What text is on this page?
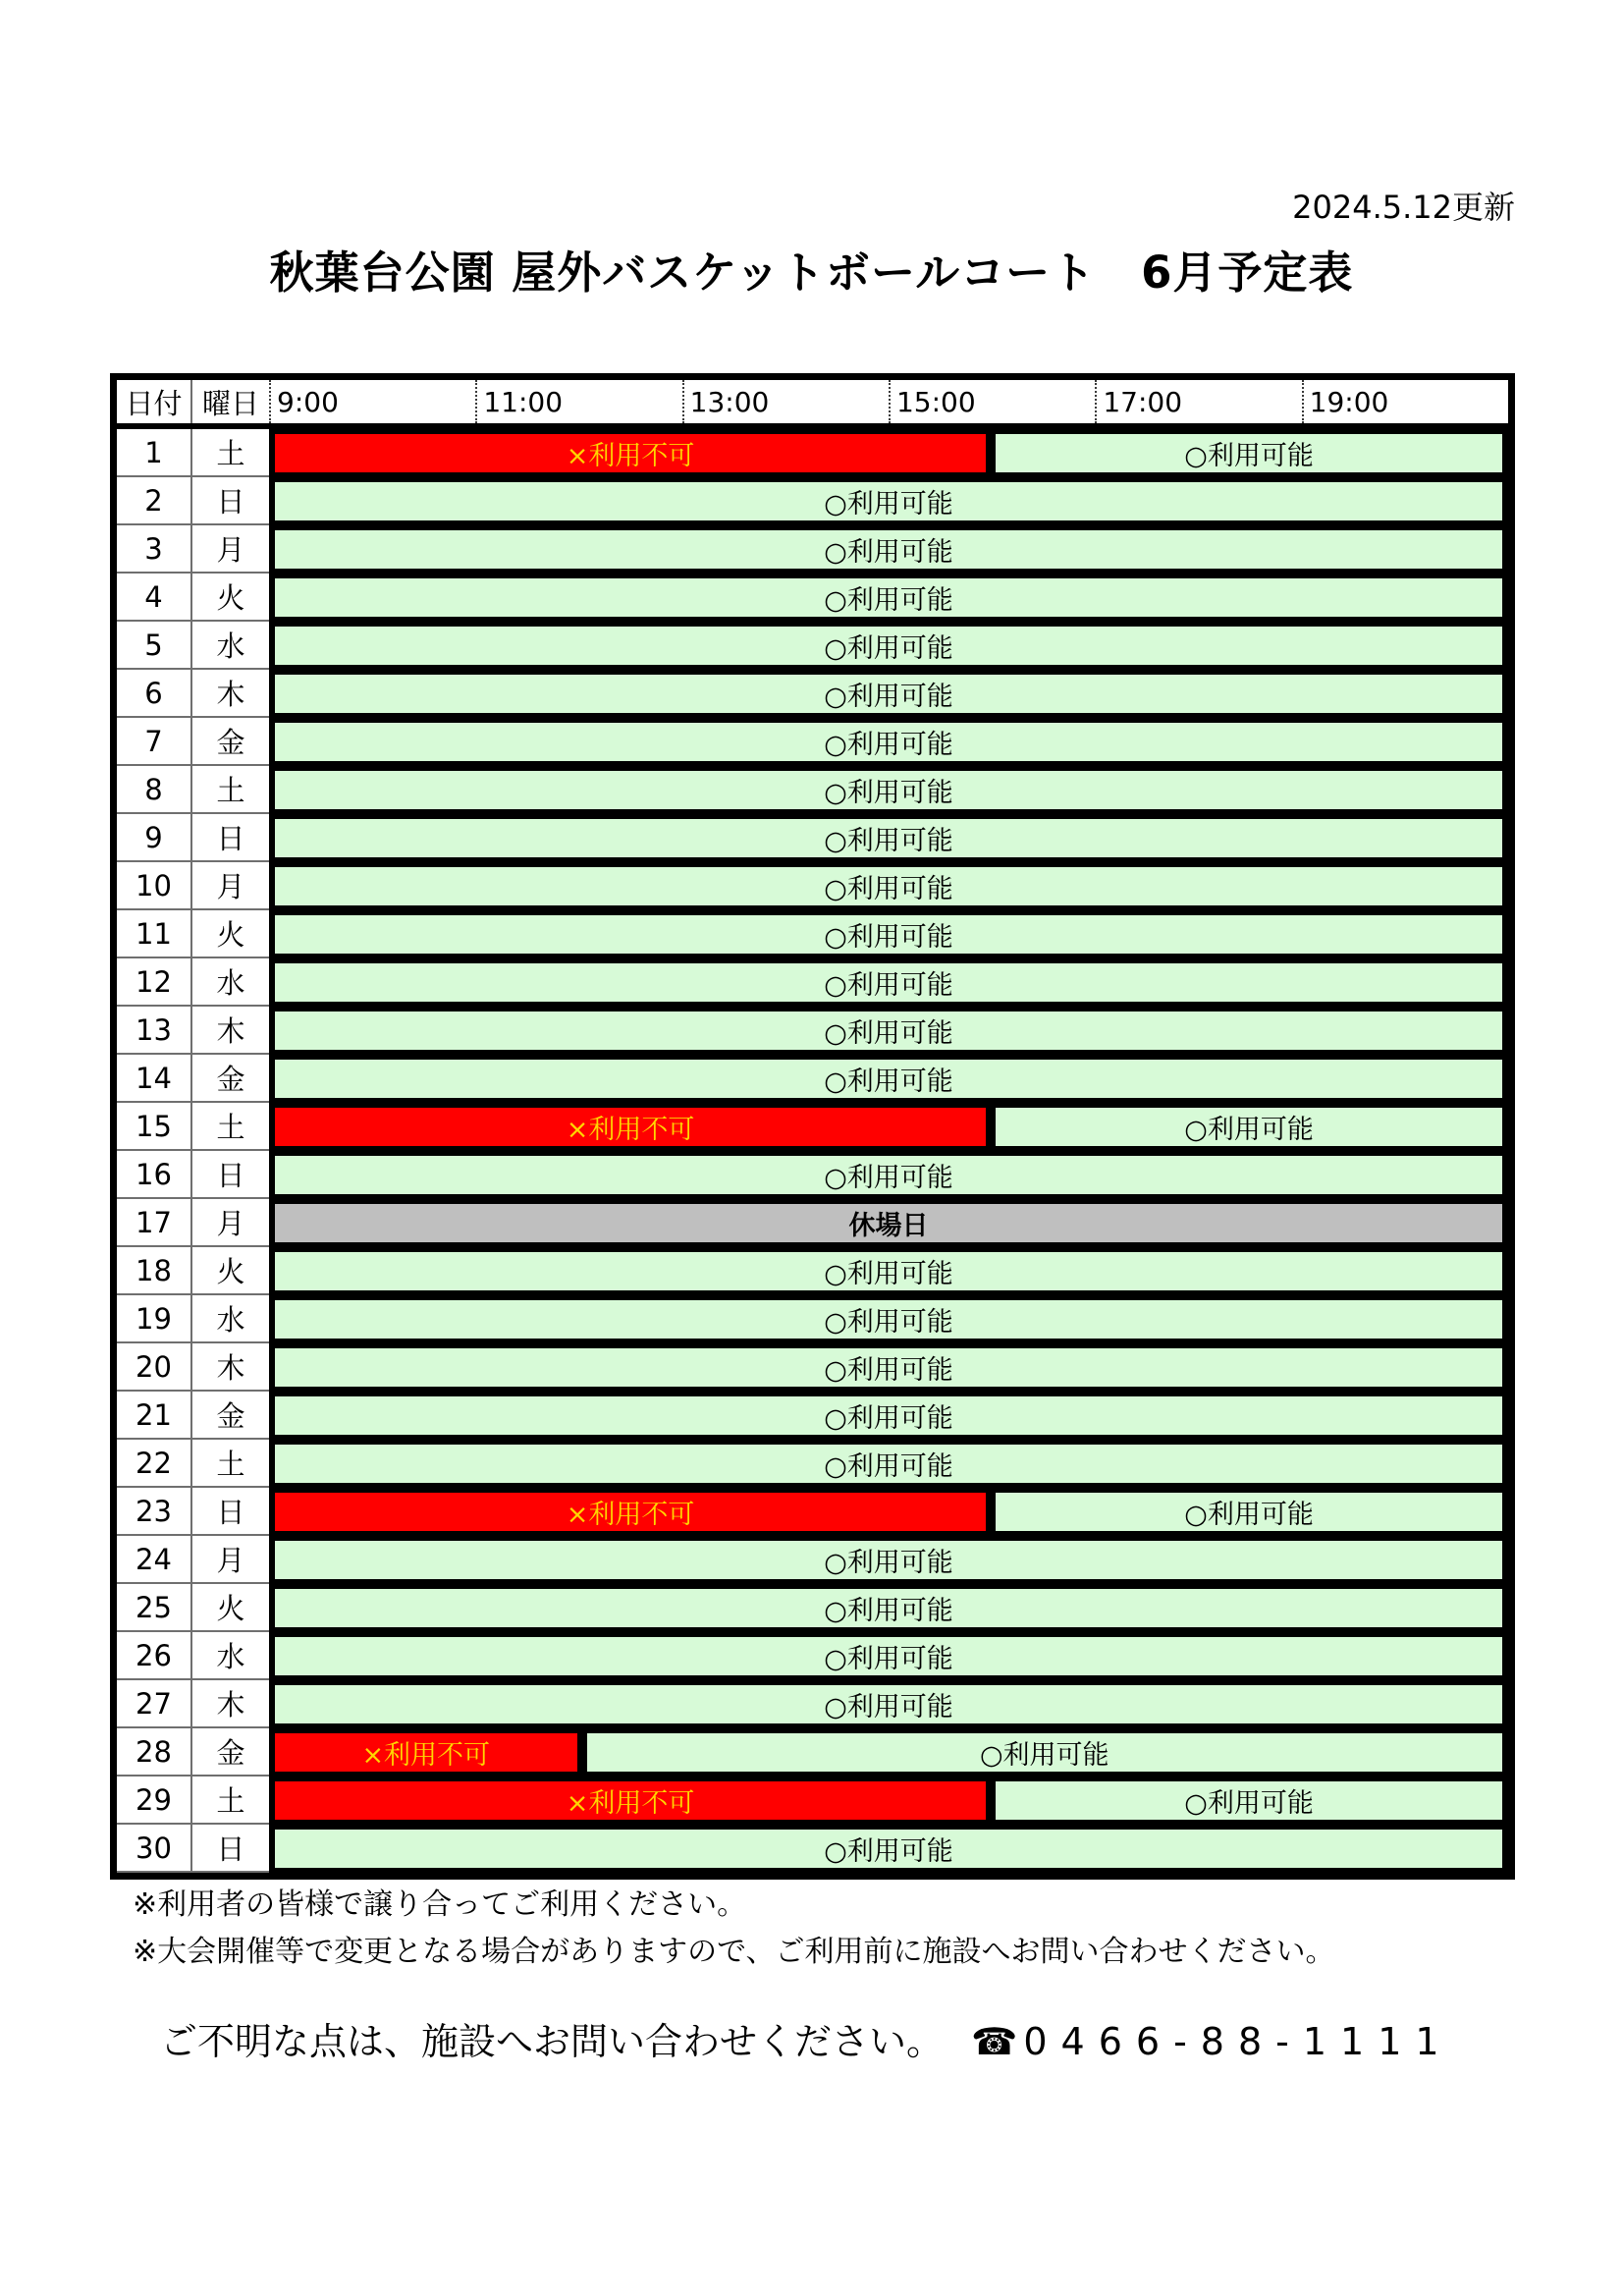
2024.5.12更新
秋葉台公園 屋外バスケットボールコート　6月予定表
日付 曜日 9:00	11:00	13:00	15:00	17:00	19:00
1	土	×利用不可	○利用可能
2	日	○利用可能
3	月	○利用可能
4	火	○利用可能
5	水	○利用可能
6	木	○利用可能
7	金	○利用可能
8	土	○利用可能
9	日	○利用可能
10	月	○利用可能
11	火	○利用可能
12	水	○利用可能
13	木	○利用可能
14	金	○利用可能
15	土	×利用不可	○利用可能
16	日	○利用可能
17	月	休場日
18	火	○利用可能
19	水	○利用可能
20	木	○利用可能
21	金	○利用可能
22	土	○利用可能
23	日	×利用不可	○利用可能
24	月	○利用可能
25	火	○利用可能
26	水	○利用可能
27	木	○利用可能
28	金	×利用不可	○利用可能
29	土	×利用不可	○利用可能
30	日	○利用可能
※利用者の皆様で譲り合ってご利用ください。
※大会開催等で変更となる場合がありますので、ご利用前に施設へお問い合わせください。
ご不明な点は、施設へお問い合わせください。 ☎ 0466-88-1111
